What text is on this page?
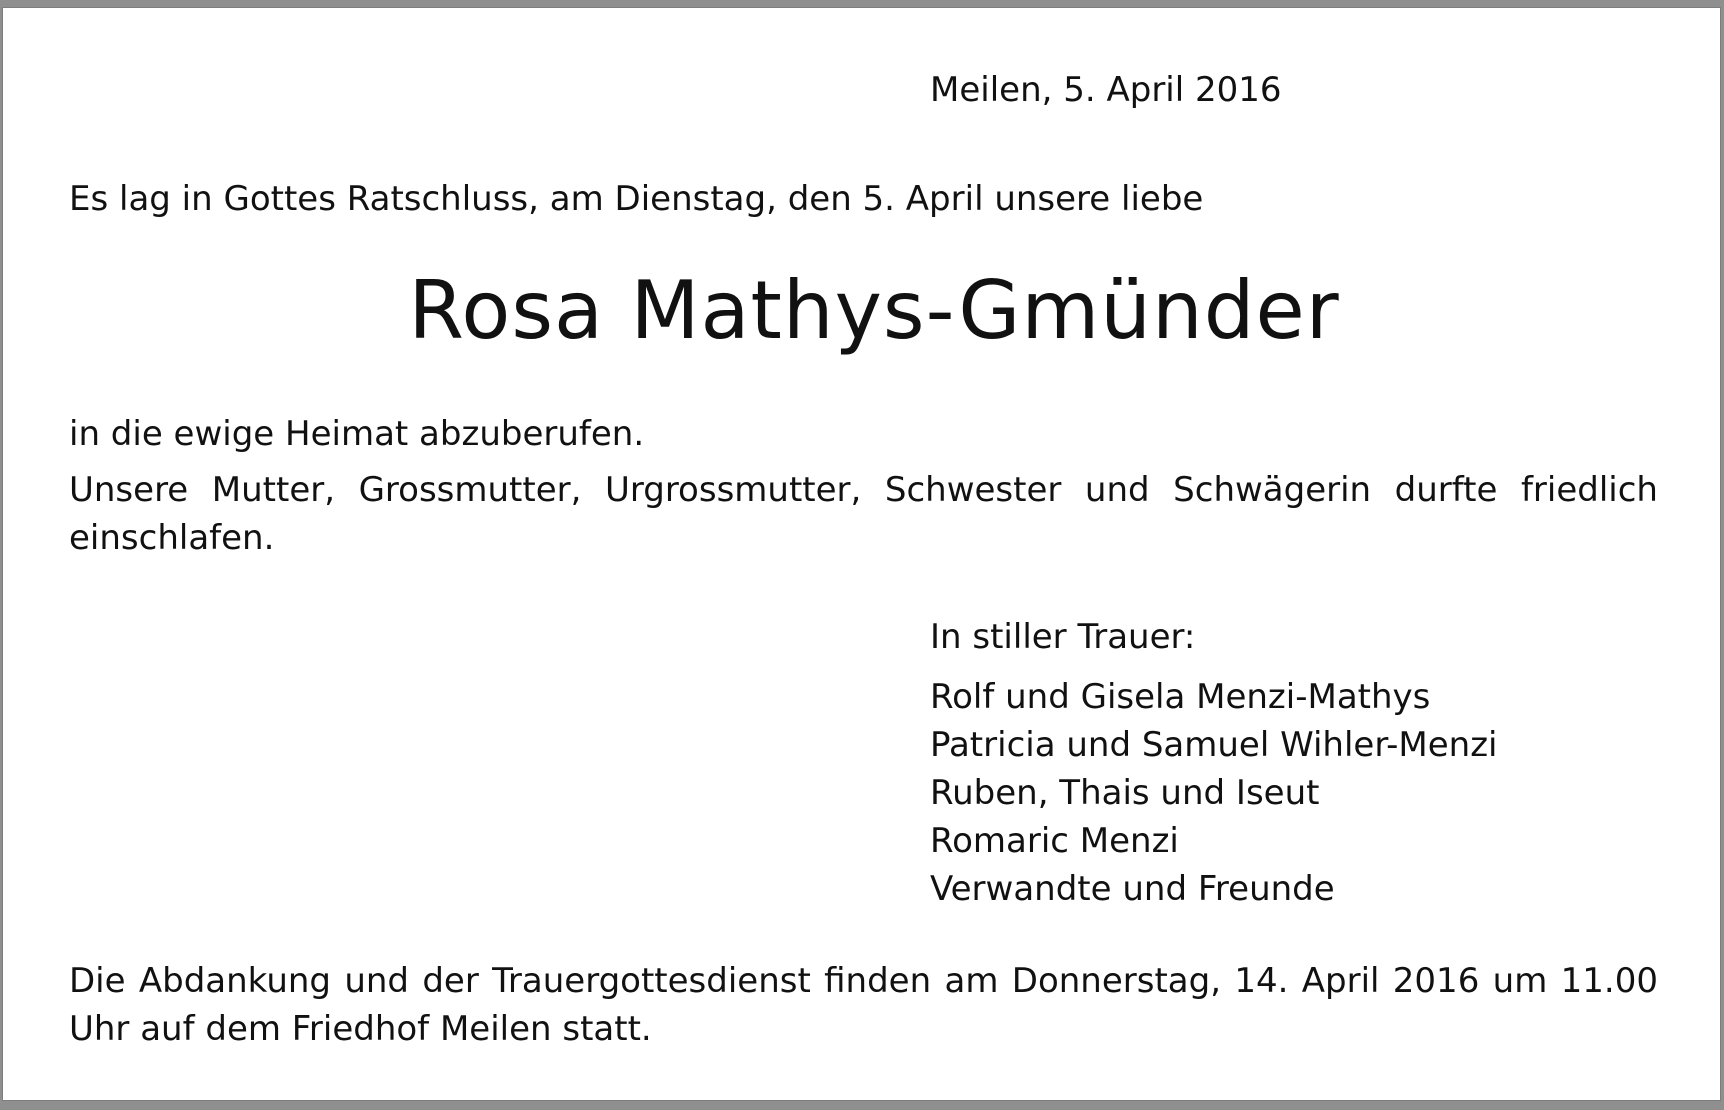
Meilen, 5. April 2016

Es lag in Gottes Ratschluss, am Dienstag, den 5. April unsere liebe

Rosa Mathys-Gmünder

in die ewige Heimat abzuberufen.

Unsere Mutter, Grossmutter, Urgrossmutter, Schwester und Schwägerin durfte friedlich einschlafen.

In stiller Trauer:

Rolf und Gisela Menzi-Mathys
Patricia und Samuel Wihler-Menzi
Ruben, Thais und Iseut
Romaric Menzi
Verwandte und Freunde

Die Abdankung und der Trauergottesdienst finden am Donnerstag, 14. April 2016 um 11.00 Uhr auf dem Friedhof Meilen statt.
